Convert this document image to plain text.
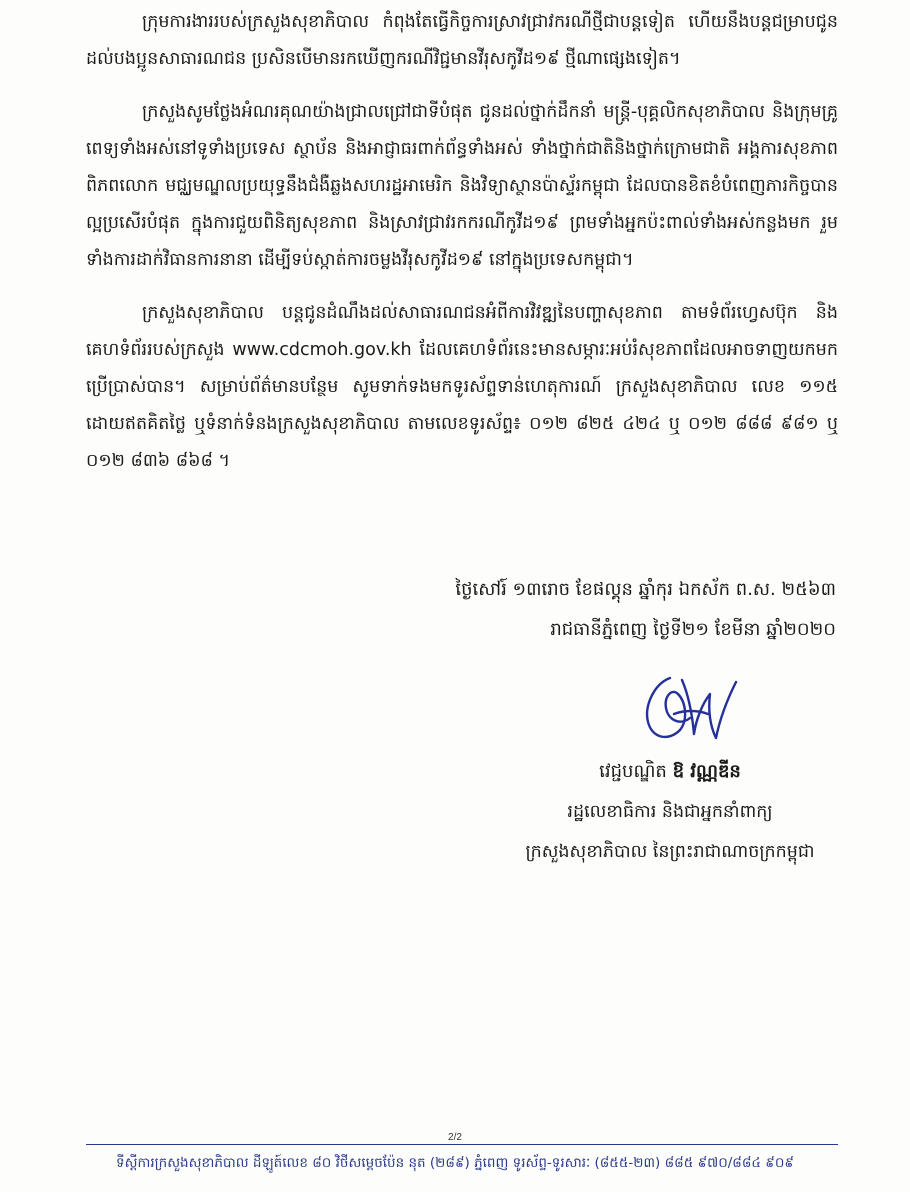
ក្រុមការងាររបស់ក្រសួងសុខាភិបាល កំពុងតែធ្វើកិច្ចការស្រាវជ្រាវករណីថ្មីជាបន្តទៀត ហើយនឹងបន្តជម្រាបជូនដល់បងប្អូនសាធារណជន ប្រសិនបើមានរកឃើញករណីវិជ្ជមានវីរុសកូវីដ១៩ ថ្មីណាផ្សេងទៀត។

ក្រសួងសូមថ្លែងអំណរគុណយ៉ាងជ្រាលជ្រៅជាទីបំផុត ជូនដល់ថ្នាក់ដឹកនាំ មន្ត្រី-បុគ្គលិកសុខាភិបាល និងក្រុមគ្រូពេទ្យទាំងអស់នៅទូទាំងប្រទេស ស្ថាប័ន និងអាជ្ញាធរពាក់ព័ន្ធទាំងអស់ ទាំងថ្នាក់ជាតិនិងថ្នាក់ក្រោមជាតិ អង្គការសុខភាពពិភពលោក មជ្ឈមណ្ឌលប្រយុទ្ធនឹងជំងឺឆ្លងសហរដ្ឋអាមេរិក និងវិទ្យាស្ថានប៉ាស្ទ័រកម្ពុជា ដែលបានខិតខំបំពេញភារកិច្ចបានល្អប្រសើរបំផុត ក្នុងការជួយពិនិត្យសុខភាព និងស្រាវជ្រាវរកករណីកូវីដ១៩ ព្រមទាំងអ្នកប៉ះពាល់ទាំងអស់កន្លងមក រួមទាំងការដាក់វិធានការនានា ដើម្បីទប់ស្កាត់ការចម្លងវីរុសកូវីដ១៩ នៅក្នុងប្រទេសកម្ពុជា។

ក្រសួងសុខាភិបាល បន្តជូនដំណឹងដល់សាធារណជនអំពីការវិវឌ្ឍនៃបញ្ហាសុខភាព តាមទំព័រហ្វេសប៊ុក និងគេហទំព័ររបស់ក្រសួង www.cdcmoh.gov.kh ដែលគេហទំព័រនេះមានសម្ភារៈអប់រំសុខភាពដែលអាចទាញយកមកប្រើប្រាស់បាន។ សម្រាប់ព័ត៌មានបន្ថែម សូមទាក់ទងមកទូរស័ព្ទទាន់ហេតុការណ៍ ក្រសួងសុខាភិបាល លេខ ១១៥ ដោយឥតគិតថ្លៃ ឬទំនាក់ទំនងក្រសួងសុខាភិបាល តាមលេខទូរស័ព្ទ៖ ០១២ ៨២៥ ៤២៤ ឬ ០១២ ៨៨៨ ៩៨១ ឬ ០១២ ៨៣៦ ៨៦៨ ។

ថ្ងៃសៅរ៍ ១៣រោច ខែផល្គុន ឆ្នាំកុរ ឯកស័ក ព.ស. ២៥៦៣
រាជធានីភ្នំពេញ ថ្ងៃទី២១ ខែមីនា ឆ្នាំ២០២០
វេជ្ជបណ្ឌិត ឱ វណ្ណឌីន
រដ្ឋលេខាធិការ និងជាអ្នកនាំពាក្យ
ក្រសួងសុខាភិបាល នៃព្រះរាជាណាចក្រកម្ពុជា
2/2
ទីស្តីការក្រសួងសុខាភិបាល ដីឡូត៍លេខ ៨០ វិថីសម្តេចប៉ែន នុត (២៨៩) ភ្នំពេញ ទូរស័ព្ទ-ទូរសារៈ (៨៥៥-២៣) ៨៨៥ ៩៧០/៨៨៤ ៩០៩
